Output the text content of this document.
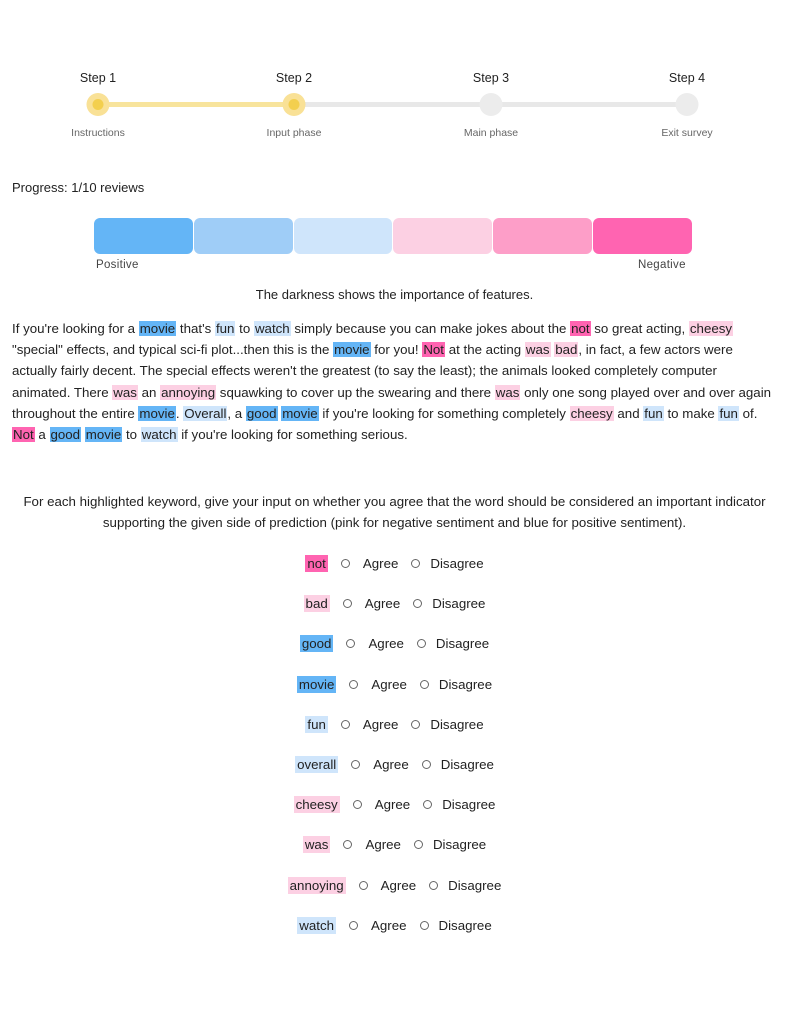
Step 1
Instructions
Step 2
Input phase
Step 3
Main phase
Step 4
Exit survey
Progress: 1/10 reviews
Positive	Negative
The darkness shows the importance of features.
If you're looking for a movie that's fun to watch simply because you can make jokes about the not so great acting, cheesy "special" effects, and typical sci-fi plot...then this is the movie for you! Not at the acting was bad, in fact, a few actors were actually fairly decent. The special effects weren't the greatest (to say the least); the animals looked completely computer animated. There was an annoying squawking to cover up the swearing and there was only one song played over and over again throughout the entire movie. Overall, a good movie if you're looking for something completely cheesy and fun to make fun of. Not a good movie to watch if you're looking for something serious.
For each highlighted keyword, give your input on whether you agree that the word should be considered an important indicator supporting the given side of prediction (pink for negative sentiment and blue for positive sentiment).
not	Agree Disagree
bad	Agree Disagree
good	Agree Disagree
movie	Agree Disagree
fun	Agree Disagree
overall	Agree Disagree
cheesy	Agree Disagree
was	Agree Disagree
annoying	Agree Disagree
watch	Agree Disagree
